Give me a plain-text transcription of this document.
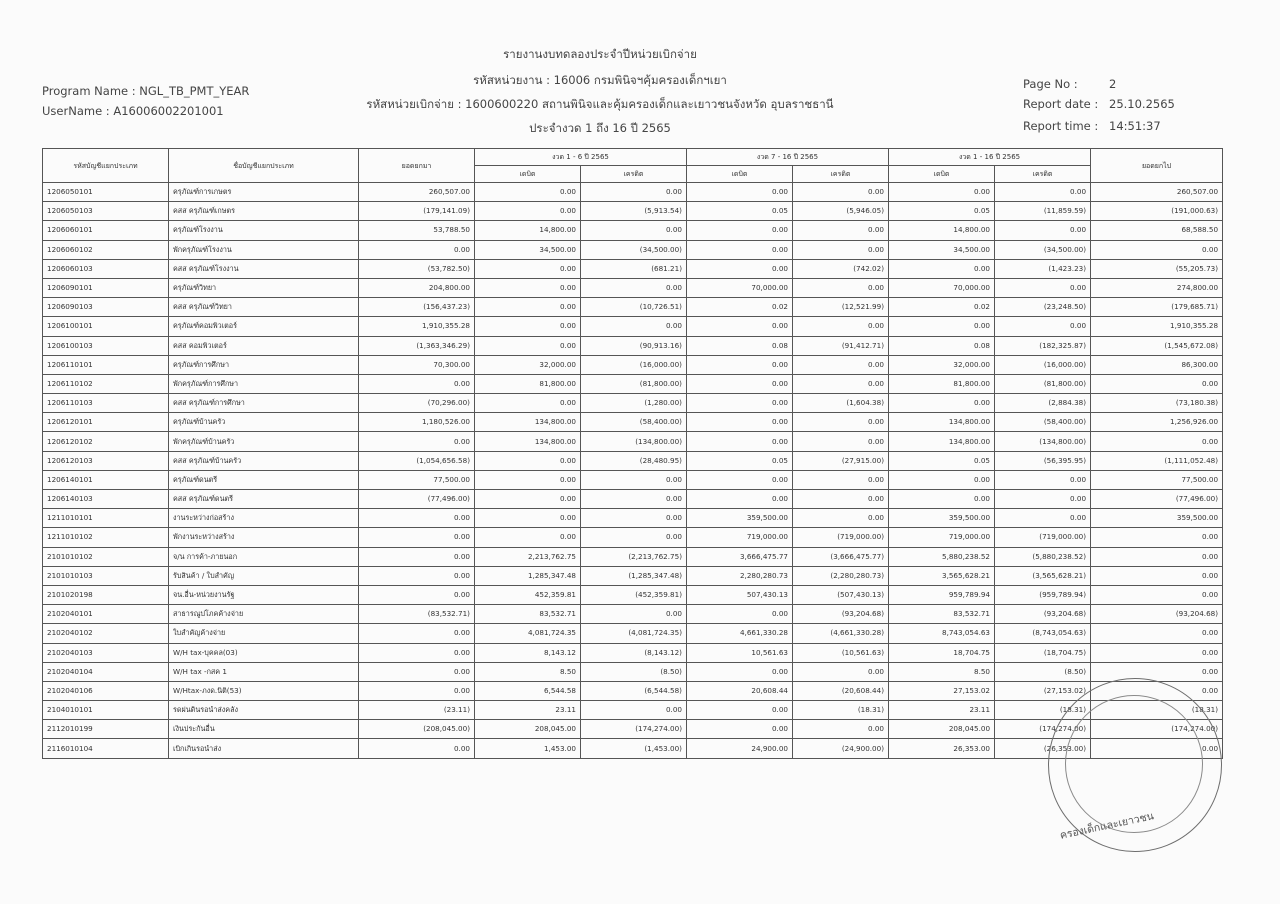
รายงานงบทดลองประจำปีหน่วยเบิกจ่าย
รหัสหน่วยงาน : 16006 กรมพินิจฯคุ้มครองเด็กฯเยา
รหัสหน่วยเบิกจ่าย : 1600600220 สถานพินิจและคุ้มครองเด็กและเยาวชนจังหวัด อุบลราชธานี
ประจำงวด 1 ถึง 16 ปี 2565
Program Name : NGL_TB_PMT_YEAR
UserName : A16006002201001
Page No :	2
Report date : 25.10.2565
Report time : 14:51:37
รหัสบัญชีแยกประเภท	ชื่อบัญชีแยกประเภท	ยอดยกมา	งวด 1 - 6 ปี 2565		งวด 7 - 16 ปี 2565		งวด 1 - 16 ปี 2565		ยอดยกไป
			เดบิต	เครดิต	เดบิต	เครดิต	เดบิต	เครดิต	
1206050101	ครุภัณฑ์การเกษตร	260,507.00	0.00	0.00	0.00	0.00	0.00	0.00	260,507.00
1206050103	คสส ครุภัณฑ์เกษตร	(179,141.09)	0.00	(5,913.54)	0.05	(5,946.05)	0.05	(11,859.59)	(191,000.63)
1206060101	ครุภัณฑ์โรงงาน	53,788.50	14,800.00	0.00	0.00	0.00	14,800.00	0.00	68,588.50
1206060102	พักครุภัณฑ์โรงงาน	0.00	34,500.00	(34,500.00)	0.00	0.00	34,500.00	(34,500.00)	0.00
1206060103	คสส ครุภัณฑ์โรงงาน	(53,782.50)	0.00	(681.21)	0.00	(742.02)	0.00	(1,423.23)	(55,205.73)
1206090101	ครุภัณฑ์วิทยา	204,800.00	0.00	0.00	70,000.00	0.00	70,000.00	0.00	274,800.00
1206090103	คสส ครุภัณฑ์วิทยา	(156,437.23)	0.00	(10,726.51)	0.02	(12,521.99)	0.02	(23,248.50)	(179,685.71)
1206100101	ครุภัณฑ์คอมพิวเตอร์	1,910,355.28	0.00	0.00	0.00	0.00	0.00	0.00	1,910,355.28
1206100103	คสส คอมพิวเตอร์	(1,363,346.29)	0.00	(90,913.16)	0.08	(91,412.71)	0.08	(182,325.87)	(1,545,672.08)
1206110101	ครุภัณฑ์การศึกษา	70,300.00	32,000.00	(16,000.00)	0.00	0.00	32,000.00	(16,000.00)	86,300.00
1206110102	พักครุภัณฑ์การศึกษา	0.00	81,800.00	(81,800.00)	0.00	0.00	81,800.00	(81,800.00)	0.00
1206110103	คสส ครุภัณฑ์การศึกษา	(70,296.00)	0.00	(1,280.00)	0.00	(1,604.38)	0.00	(2,884.38)	(73,180.38)
1206120101	ครุภัณฑ์บ้านครัว	1,180,526.00	134,800.00	(58,400.00)	0.00	0.00	134,800.00	(58,400.00)	1,256,926.00
1206120102	พักครุภัณฑ์บ้านครัว	0.00	134,800.00	(134,800.00)	0.00	0.00	134,800.00	(134,800.00)	0.00
1206120103	คสส ครุภัณฑ์บ้านครัว	(1,054,656.58)	0.00	(28,480.95)	0.05	(27,915.00)	0.05	(56,395.95)	(1,111,052.48)
1206140101	ครุภัณฑ์ดนตรี	77,500.00	0.00	0.00	0.00	0.00	0.00	0.00	77,500.00
1206140103	คสส ครุภัณฑ์ดนตรี	(77,496.00)	0.00	0.00	0.00	0.00	0.00	0.00	(77,496.00)
1211010101	งานระหว่างก่อสร้าง	0.00	0.00	0.00	359,500.00	0.00	359,500.00	0.00	359,500.00
1211010102	พักงานระหว่างสร้าง	0.00	0.00	0.00	719,000.00	(719,000.00)	719,000.00	(719,000.00)	0.00
2101010102	จ/น การค้า-ภายนอก	0.00	2,213,762.75	(2,213,762.75)	3,666,475.77	(3,666,475.77)	5,880,238.52	(5,880,238.52)	0.00
2101010103	รับสินค้า / ใบสำคัญ	0.00	1,285,347.48	(1,285,347.48)	2,280,280.73	(2,280,280.73)	3,565,628.21	(3,565,628.21)	0.00
2101020198	จน.อื่น-หน่วยงานรัฐ	0.00	452,359.81	(452,359.81)	507,430.13	(507,430.13)	959,789.94	(959,789.94)	0.00
2102040101	สาธารณูปโภคค้างจ่าย	(83,532.71)	83,532.71	0.00	0.00	(93,204.68)	83,532.71	(93,204.68)	(93,204.68)
2102040102	ใบสำคัญค้างจ่าย	0.00	4,081,724.35	(4,081,724.35)	4,661,330.28	(4,661,330.28)	8,743,054.63	(8,743,054.63)	0.00
2102040103	W/H tax-บุคคล(03)	0.00	8,143.12	(8,143.12)	10,561.63	(10,561.63)	18,704.75	(18,704.75)	0.00
2102040104	W/H tax -กสค 1	0.00	8.50	(8.50)	0.00	0.00	8.50	(8.50)	0.00
2102040106	W/Htax-ภงด.นิติ(53)	0.00	6,544.58	(6,544.58)	20,608.44	(20,608.44)	27,153.02	(27,153.02)	0.00
2104010101	รดผ่นดินรอนำส่งคลัง	(23.11)	23.11	0.00	0.00	(18.31)	23.11	(18.31)	(18.31)
2112010199	เงินประกันอื่น	(208,045.00)	208,045.00	(174,274.00)	0.00	0.00	208,045.00	(174,274.00)	(174,274.00)
2116010104	เบิกเกินรอนำส่ง	0.00	1,453.00	(1,453.00)	24,900.00	(24,900.00)	26,353.00	(26,353.00)	0.00
ครองเด็กและเยาวชน
